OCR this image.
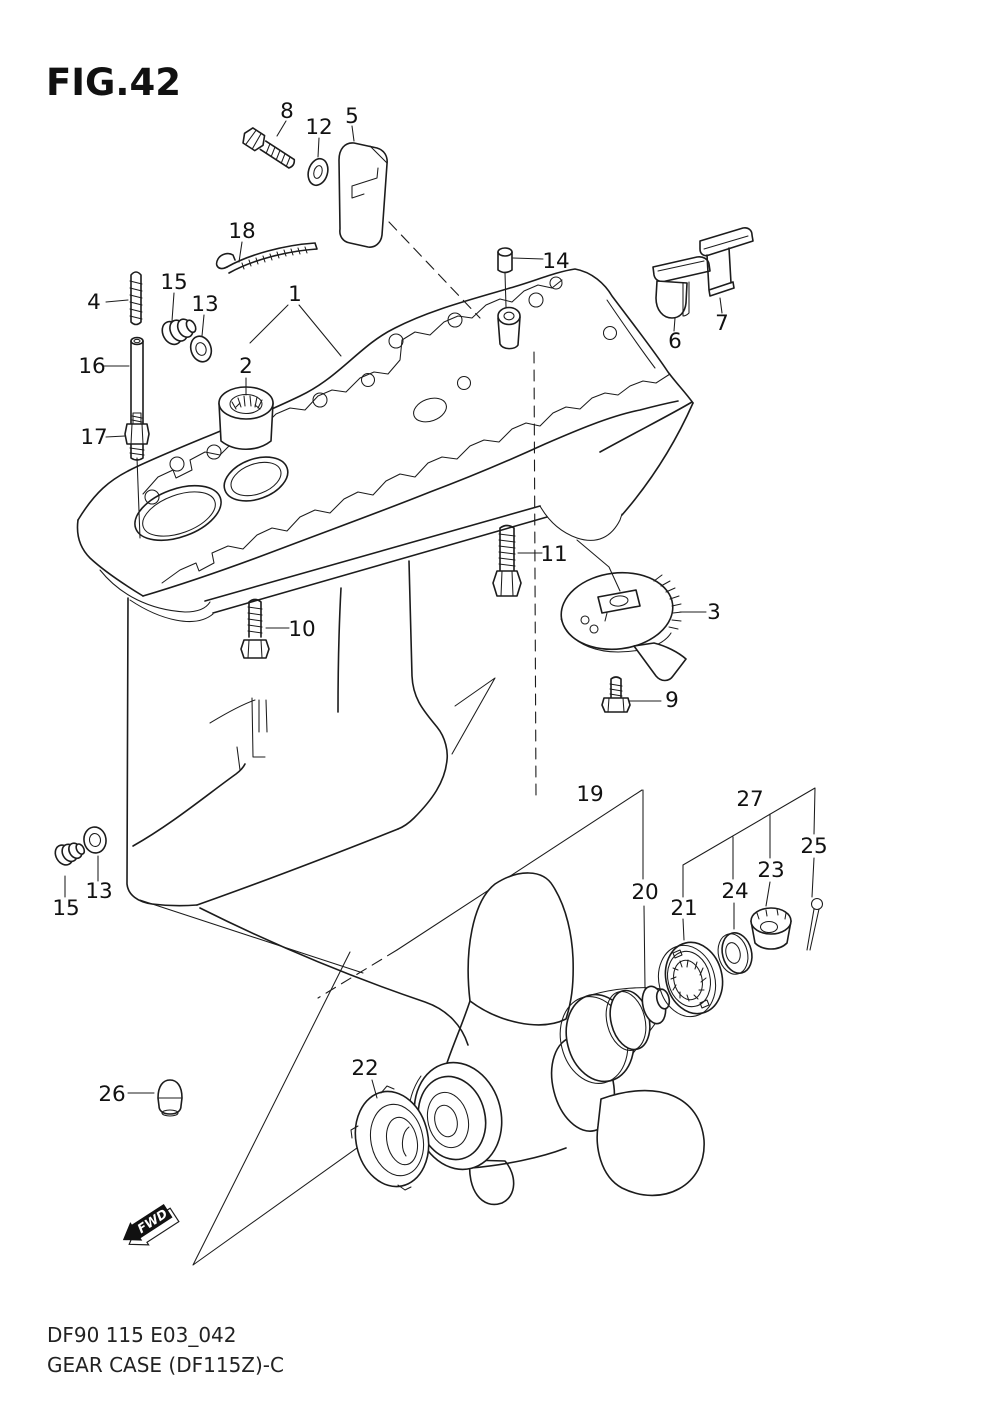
8
12 5
18
14
6
7
4
15
13	1
16	2
17
11
3
10
9
19	27
25
23
24
20
21
13
15
26
22
FWD
FIG.42
DF90 115 E03_042
GEAR CASE (DF115Z)-C
